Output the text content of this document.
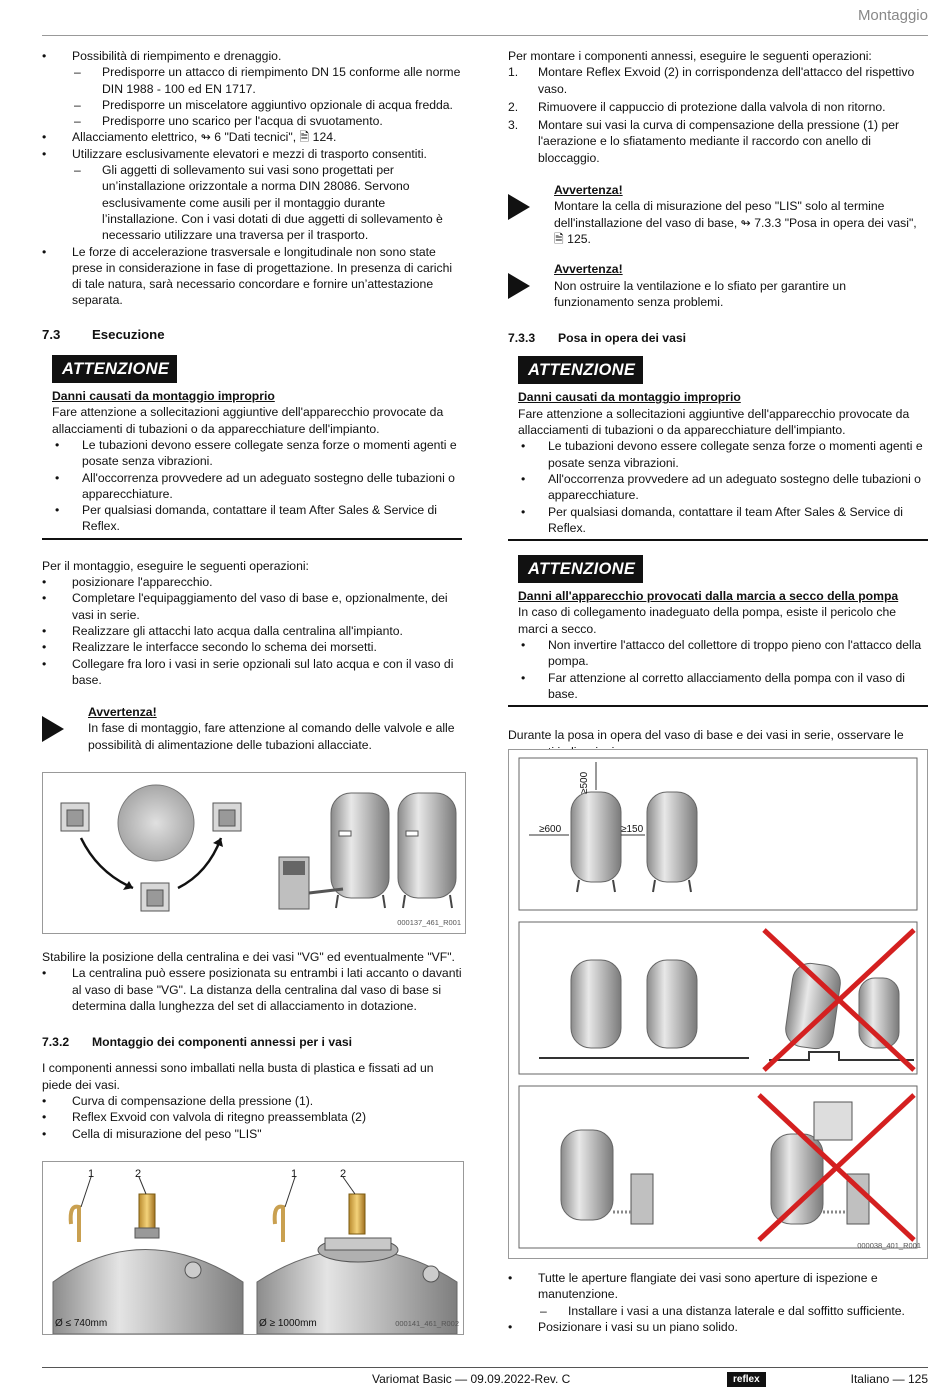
Montaggio
• Possibilità di riempimento e drenaggio.
– Predisporre un attacco di riempimento DN 15 conforme alle norme DIN 1988 - 100 ed EN 1717.
– Predisporre un miscelatore aggiuntivo opzionale di acqua fredda.
– Predisporre uno scarico per l'acqua di svuotamento.
• Allacciamento elettrico, ↬ 6 "Dati tecnici", 🗎 124.
• Utilizzare esclusivamente elevatori e mezzi di trasporto consentiti.
– Gli aggetti di sollevamento sui vasi sono progettati per un’installazione orizzontale a norma DIN 28086. Servono esclusivamente come ausili per il montaggio durante l’installazione. Con i vasi dotati di due aggetti di sollevamento è necessario utilizzare una traversa per il trasporto.
• Le forze di accelerazione trasversale e longitudinale non sono state prese in considerazione in fase di progettazione. In presenza di carichi di tale natura, sarà necessario concordare e fornire un’attestazione separata.
7.3 Esecuzione
ATTENZIONE
Danni causati da montaggio improprio

Fare attenzione a sollecitazioni aggiuntive dell'apparecchio provocate da allacciamenti di tubazioni o da apparecchiature dell'impianto.

• Le tubazioni devono essere collegate senza forze o momenti agenti e posate senza vibrazioni.
• All'occorrenza provvedere ad un adeguato sostegno delle tubazioni o apparecchiature.
• Per qualsiasi domanda, contattare il team After Sales & Service di Reflex.

Per il montaggio, eseguire le seguenti operazioni:

• posizionare l'apparecchio.
• Completare l'equipaggiamento del vaso di base e, opzionalmente, dei vasi in serie.
• Realizzare gli attacchi lato acqua dalla centralina all'impianto.
• Realizzare le interfacce secondo lo schema dei morsetti.
• Collegare fra loro i vasi in serie opzionali sul lato acqua e con il vaso di base.
Avvertenza!

In fase di montaggio, fare attenzione al comando delle valvole e alle possibilità di alimentazione delle tubazioni allacciate.

000137_461_R001

Stabilire la posizione della centralina e dei vasi "VG" ed eventualmente "VF".

• La centralina può essere posizionata su entrambi i lati accanto o davanti al vaso di base "VG". La distanza della centralina dal vaso di base si determina dalla lunghezza del set di allacciamento in dotazione.
7.3.2 Montaggio dei componenti annessi per i vasi

I componenti annessi sono imballati nella busta di plastica e fissati ad un piede dei vasi.

• Curva di compensazione della pressione (1).
• Reflex Exvoid con valvola di ritegno preassemblata (2)
• Cella di misurazione del peso "LIS"
1	2	1	2
Ø ≤ 740mm	Ø ≥ 1000mm	000141_461_R002

Per montare i componenti annessi, eseguire le seguenti operazioni:

1. Montare Reflex Exvoid (2) in corrispondenza dell'attacco del rispettivo vaso.
2. Rimuovere il cappuccio di protezione dalla valvola di non ritorno.
3. Montare sui vasi la curva di compensazione della pressione (1) per l'aerazione e lo sfiatamento mediante il raccordo con anello di bloccaggio.
Avvertenza!

Montare la cella di misurazione del peso "LIS" solo al termine dell'installazione del vaso di base, ↬ 7.3.3 "Posa in opera dei vasi", 🗎 125.

Avvertenza!

Non ostruire la ventilazione e lo sfiato per garantire un funzionamento senza problemi.

7.3.3 Posa in opera dei vasi
ATTENZIONE
Danni causati da montaggio improprio

Fare attenzione a sollecitazioni aggiuntive dell'apparecchio provocate da allacciamenti di tubazioni o da apparecchiature dell'impianto.

• Le tubazioni devono essere collegate senza forze o momenti agenti e posate senza vibrazioni.
• All'occorrenza provvedere ad un adeguato sostegno delle tubazioni o apparecchiature.
• Per qualsiasi domanda, contattare il team After Sales & Service di Reflex.
ATTENZIONE
Danni all'apparecchio provocati dalla marcia a secco della pompa

In caso di collegamento inadeguato della pompa, esiste il pericolo che marci a secco.

• Non invertire l'attacco del collettore di troppo pieno con l'attacco della pompa.
• Far attenzione al corretto allacciamento della pompa con il vaso di base.

Durante la posa in opera del vaso di base e dei vasi in serie, osservare le

≥500
≥600	≥150
000038_401_R001
• Tutte le aperture flangiate dei vasi sono aperture di ispezione e manutenzione.
– Installare i vasi a una distanza laterale e dal soffitto sufficiente.
• Posizionare i vasi su un piano solido.
Variomat Basic — 09.09.2022-Rev. C	reflex	Italiano — 125
